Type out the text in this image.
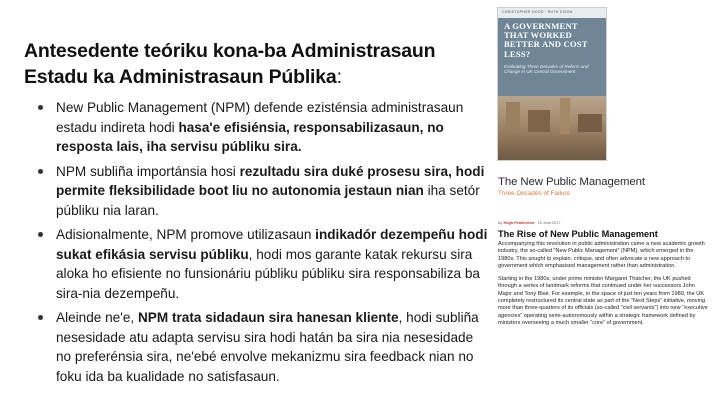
Antesedente teóriku kona-ba Administrasaun Estadu ka Administrasaun Públika:
New Public Management (NPM) defende ezisténsia administrasaun estadu indireta hodi hasa'e efisiénsia, responsabilizasaun, no resposta lais, iha servisu públiku sira.
NPM subliña importánsia hosi rezultadu sira duké prosesu sira, hodi permite fleksibilidade boot liu no autonomia jestaun nian iha setór públiku nia laran.
Adisionalmente, NPM promove utilizasaun indikadór dezempeñu hodi sukat efikásia servisu públiku, hodi mos garante katak rekursu sira aloka ho efisiente no funsionáriu públiku públiku sira responsabiliza ba sira-nia dezempeñu.
Aleinde ne'e, NPM trata sidadaun sira hanesan kliente, hodi subliña nesesidade atu adapta servisu sira hodi hatán ba sira nia nesesidade no preferénsia sira, ne'ebé envolve mekanizmu sira feedback nian no foku ida ba kualidade no satisfasaun.
CHRISTOPHER HOOD · RUTH DIXON
A GOVERNMENT THAT WORKED BETTER AND COST LESS?
Evaluating Three Decades of Reform and Change in UK Central Government
The New Public Management
Three Decades of Failure
By Hugh Pemberton · 15 June 2017
The Rise of New Public Management

Accompanying this revolution in public administration came a new academic growth industry, the so-called “New Public Management” (NPM), which emerged in the 1980s. This sought to explain, critique, and often advocate a new approach to government which emphasised management rather than administration.

Starting in the 1980s, under prime minister Margaret Thatcher, the UK pushed through a series of landmark reforms that continued under her successors John Major and Tony Blair. For example, in the space of just ten years from 1989, the UK completely restructured its central state as part of the “Next Steps” initiative, moving more than three-quarters of its officials (so-called “civil servants”) into new “executive agencies” operating semi-autonomously within a strategic framework defined by ministers overseeing a much smaller “core” of government.
